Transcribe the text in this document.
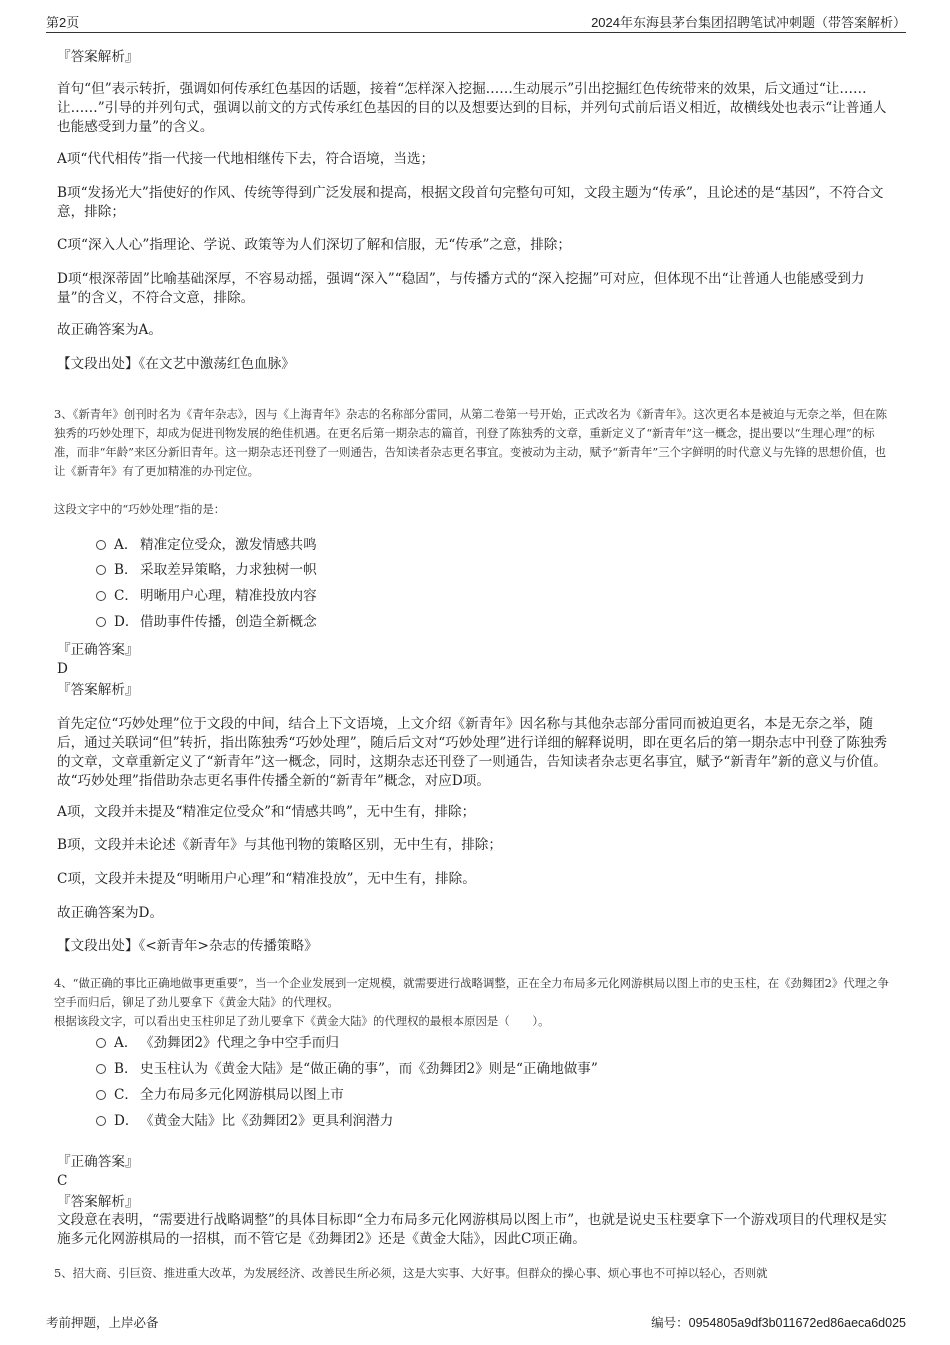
第2页	2024年东海县茅台集团招聘笔试冲刺题（带答案解析）
『答案解析』
首句“但”表示转折，强调如何传承红色基因的话题，接着“怎样深入挖掘……生动展示”引出挖掘红色传统带来的效果，后文通过“让……让……”引导的并列句式，强调以前文的方式传承红色基因的目的以及想要达到的目标，并列句式前后语义相近，故横线处也表示“让普通人也能感受到力量”的含义。
A项“代代相传”指一代接一代地相继传下去，符合语境，当选；
B项“发扬光大”指使好的作风、传统等得到广泛发展和提高，根据文段首句完整句可知，文段主题为“传承”，且论述的是“基因”，不符合文意，排除；
C项“深入人心”指理论、学说、政策等为人们深切了解和信服，无“传承”之意，排除；
D项“根深蒂固”比喻基础深厚，不容易动摇，强调“深入”“稳固”，与传播方式的“深入挖掘”可对应，但体现不出“让普通人也能感受到力量”的含义，不符合文意，排除。
故正确答案为A。
【文段出处】《在文艺中激荡红色血脉》
3、《新青年》创刊时名为《青年杂志》，因与《上海青年》杂志的名称部分雷同，从第二卷第一号开始，正式改名为《新青年》。这次更名本是被迫与无奈之举，但在陈独秀的巧妙处理下，却成为促进刊物发展的绝佳机遇。在更名后第一期杂志的篇首，刊登了陈独秀的文章，重新定义了“新青年”这一概念，提出要以“生理心理”的标准，而非“年龄”来区分新旧青年。这一期杂志还刊登了一则通告，告知读者杂志更名事宜。变被动为主动，赋予“新青年”三个字鲜明的时代意义与先锋的思想价值，也让《新青年》有了更加精准的办刊定位。
这段文字中的“巧妙处理”指的是：
A． 精准定位受众，激发情感共鸣
B． 采取差异策略，力求独树一帜
C． 明晰用户心理，精准投放内容
D． 借助事件传播，创造全新概念
『正确答案』
D
『答案解析』
首先定位“巧妙处理”位于文段的中间，结合上下文语境，上文介绍《新青年》因名称与其他杂志部分雷同而被迫更名，本是无奈之举，随后，通过关联词“但”转折，指出陈独秀“巧妙处理”，随后后文对“巧妙处理”进行详细的解释说明，即在更名后的第一期杂志中刊登了陈独秀的文章，文章重新定义了“新青年”这一概念，同时，这期杂志还刊登了一则通告，告知读者杂志更名事宜，赋予“新青年”新的意义与价值。故“巧妙处理”指借助杂志更名事件传播全新的“新青年”概念，对应D项。
A项，文段并未提及“精准定位受众”和“情感共鸣”，无中生有，排除；
B项，文段并未论述《新青年》与其他刊物的策略区别，无中生有，排除；
C项，文段并未提及“明晰用户心理”和“精准投放”，无中生有，排除。
故正确答案为D。
【文段出处】《<新青年>杂志的传播策略》
4、“做正确的事比正确地做事更重要”，当一个企业发展到一定规模，就需要进行战略调整，正在全力布局多元化网游棋局以图上市的史玉柱，在《劲舞团2》代理之争空手而归后，铆足了劲儿要拿下《黄金大陆》的代理权。
根据该段文字，可以看出史玉柱卯足了劲儿要拿下《黄金大陆》的代理权的最根本原因是（　　）。
A． 《劲舞团2》代理之争中空手而归
B． 史玉柱认为《黄金大陆》是“做正确的事”，而《劲舞团2》则是“正确地做事”
C． 全力布局多元化网游棋局以图上市
D． 《黄金大陆》比《劲舞团2》更具利润潜力
『正确答案』
C
『答案解析』
文段意在表明，“需要进行战略调整”的具体目标即“全力布局多元化网游棋局以图上市”，也就是说史玉柱要拿下一个游戏项目的代理权是实施多元化网游棋局的一招棋，而不管它是《劲舞团2》还是《黄金大陆》，因此C项正确。
5、招大商、引巨资、推进重大改革，为发展经济、改善民生所必须，这是大实事、大好事。但群众的操心事、烦心事也不可掉以轻心，否则就
考前押题，上岸必备	编号：0954805a9df3b011672ed86aeca6d025
